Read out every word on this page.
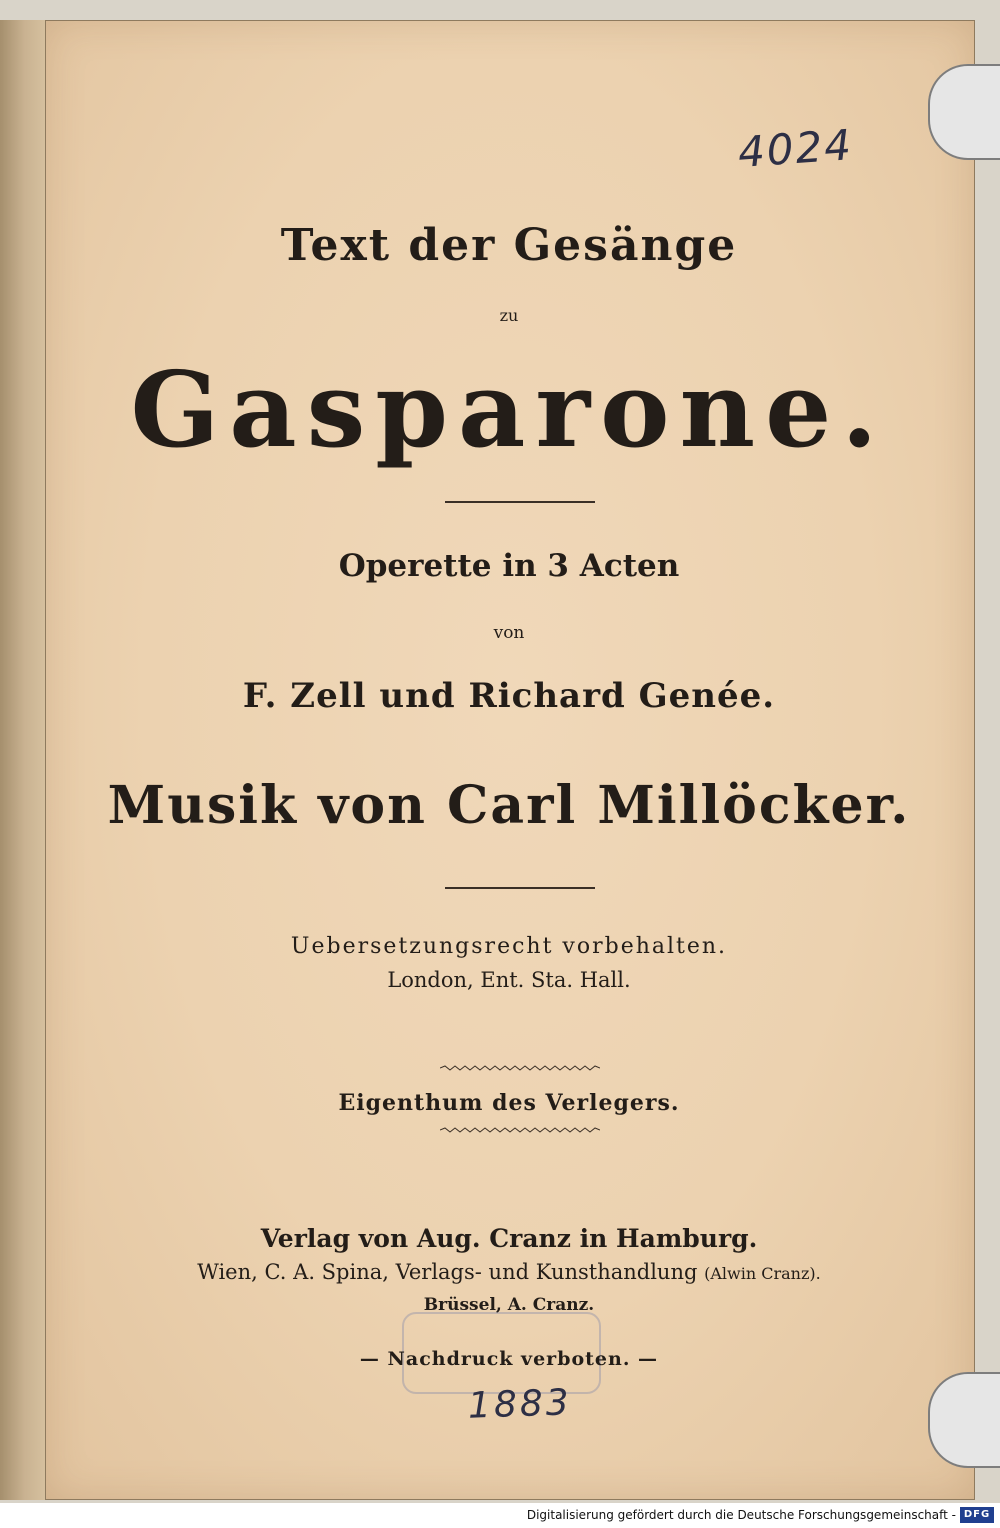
4024
Text der Gesänge
zu
Gasparone.
Operette in 3 Acten
von
F. Zell und Richard Genée.
Musik von Carl Millöcker.
Uebersetzungsrecht vorbehalten.
London, Ent. Sta. Hall.
Eigenthum des Verlegers.
Verlag von Aug. Cranz in Hamburg.
Wien, C. A. Spina, Verlags- und Kunsthandlung (Alwin Cranz).
Brüssel, A. Cranz.
— Nachdruck verboten. —
1883
Digitalisierung gefördert durch die Deutsche Forschungsgemeinschaft - DFG
